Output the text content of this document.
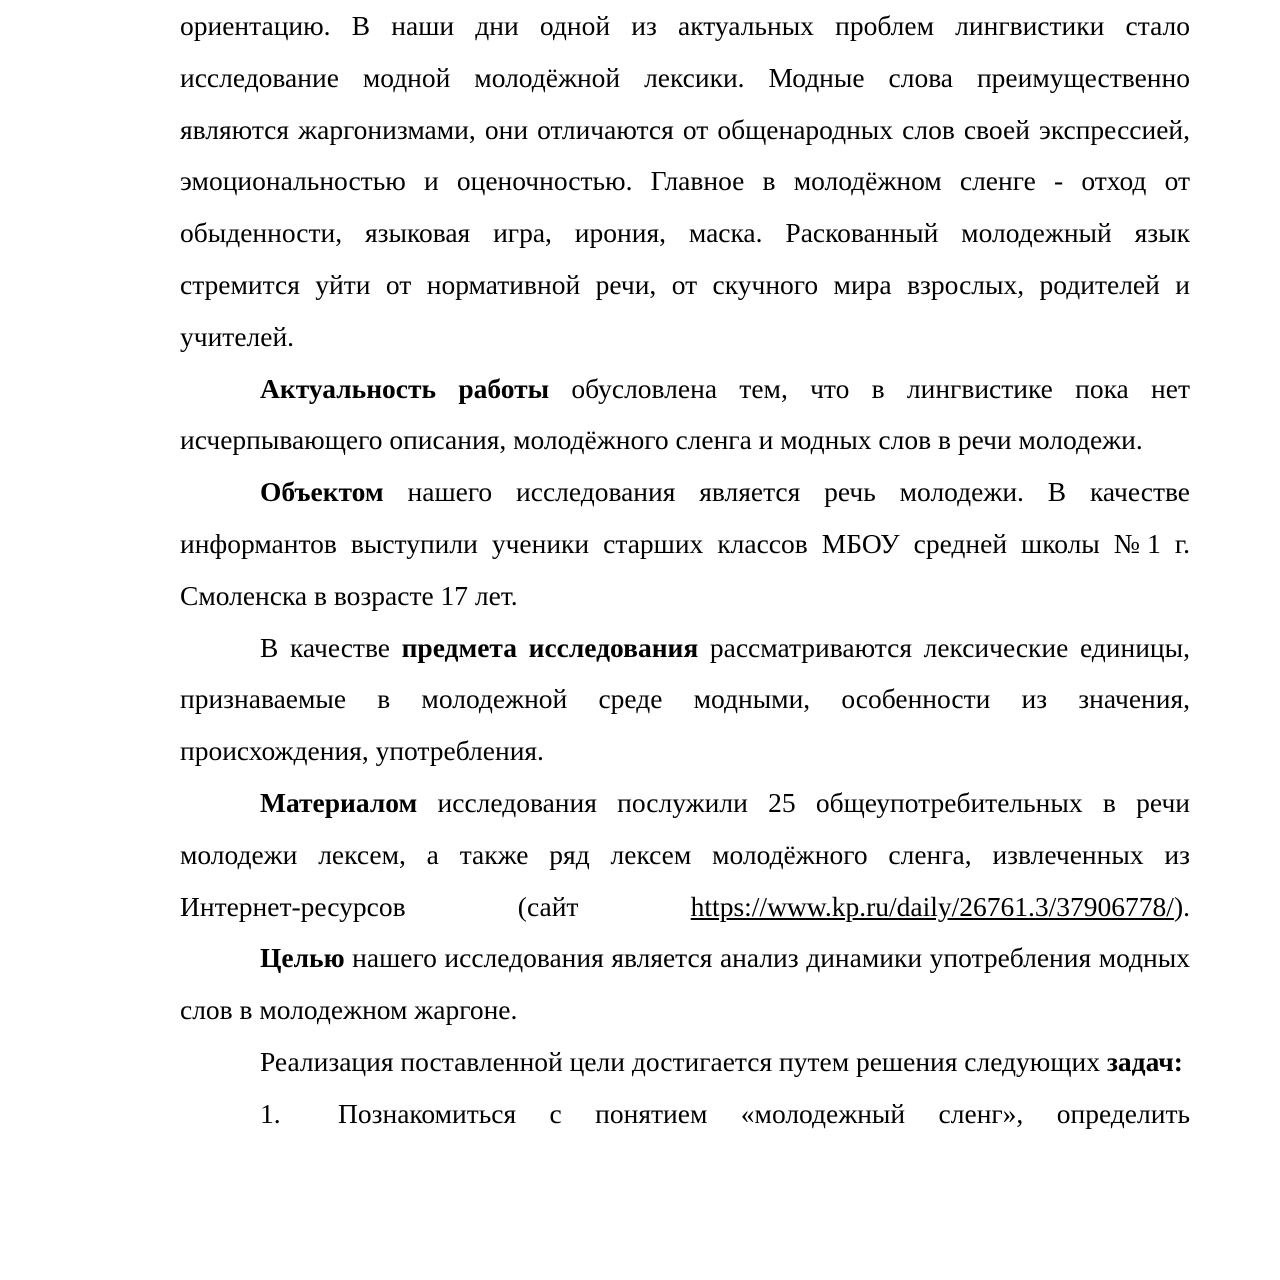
ориентацию. В наши дни одной из актуальных проблем лингвистики стало исследование модной молодёжной лексики. Модные слова преимущественно являются жаргонизмами, они отличаются от общенародных слов своей экспрессией, эмоциональностью и оценочностью. Главное в молодёжном сленге - отход от обыденности, языковая игра, ирония, маска. Раскованный молодежный язык стремится уйти от нормативной речи, от скучного мира взрослых, родителей и учителей.

Актуальность работы обусловлена тем, что в лингвистике пока нет исчерпывающего описания, молодёжного сленга и модных слов в речи молодежи.

Объектом нашего исследования является речь молодежи. В качестве информантов выступили ученики старших классов МБОУ средней школы №1 г. Смоленска в возрасте 17 лет.

В качестве предмета исследования рассматриваются лексические единицы, признаваемые в молодежной среде модными, особенности из значения, происхождения, употребления.

Материалом исследования послужили 25 общеупотребительных в речи молодежи лексем, а также ряд лексем молодёжного сленга, извлеченных из Интернет-ресурсов (сайт https://www.kp.ru/daily/26761.3/37906778/).

Целью нашего исследования является анализ динамики употребления модных слов в молодежном жаргоне.

Реализация поставленной цели достигается путем решения следующих задач:

1. Познакомиться с понятием «молодежный сленг», определить
